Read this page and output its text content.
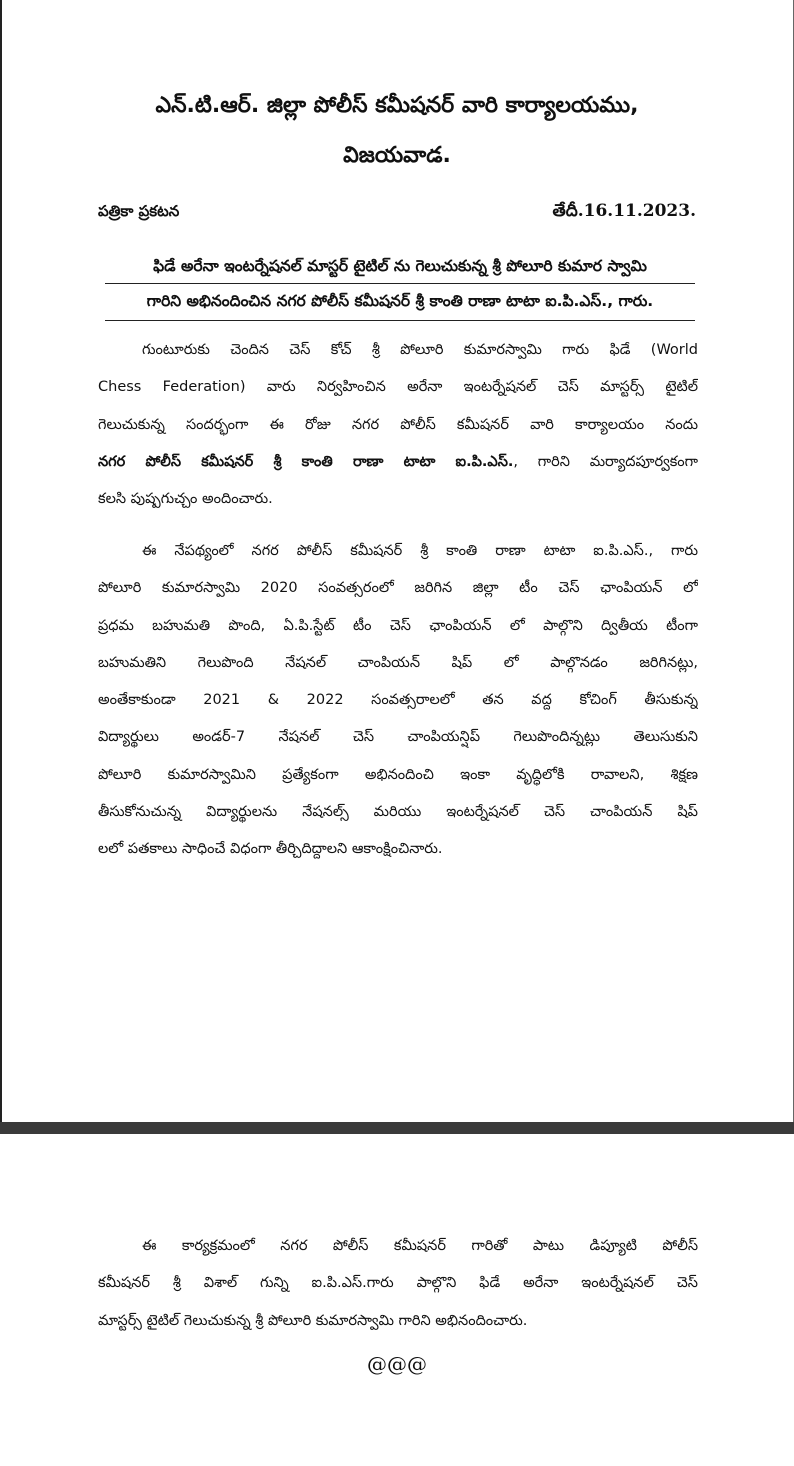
ఎన్.టి.ఆర్. జిల్లా పోలీస్ కమీషనర్ వారి కార్యాలయము,
విజయవాడ.
పత్రికా ప్రకటన	తేదీ.16.11.2023.
ఫిడే అరేనా ఇంటర్నేషనల్ మాస్టర్ టైటిల్ ను గెలుచుకున్న శ్రీ పోలూరి కుమార స్వామి
గారిని అభినందించిన నగర పోలీస్ కమీషనర్ శ్రీ కాంతి రాణా టాటా ఐ.పి.ఎస్., గారు.
గుంటూరుకు చెందిన చెస్ కోచ్ శ్రీ పోలూరి కుమారస్వామి గారు ఫిడే (World
Chess Federation) వారు నిర్వహించిన అరేనా ఇంటర్నేషనల్ చెస్ మాస్టర్స్ టైటిల్
గెలుచుకున్న సందర్భంగా ఈ రోజు నగర పోలీస్ కమీషనర్ వారి కార్యాలయం నందు
నగర పోలీస్ కమీషనర్ శ్రీ కాంతి రాణా టాటా ఐ.పి.ఎస్., గారిని మర్యాదపూర్వకంగా
కలసి పుష్పగుచ్చం అందించారు.
ఈ నేపథ్యంలో నగర పోలీస్ కమీషనర్ శ్రీ కాంతి రాణా టాటా ఐ.పి.ఎస్., గారు
పోలూరి కుమారస్వామి 2020 సంవత్సరంలో జరిగిన జిల్లా టీం చెస్ ఛాంపియన్ లో
ప్రధమ బహుమతి పొంది, ఏ.పి.స్టేట్ టీం చెస్ ఛాంపియన్ లో పాల్గొని ద్వితీయ టీంగా
బహుమతిని గెలుపొంది నేషనల్ చాంపియన్ షిప్ లో పాల్గొనడం జరిగినట్లు,
అంతేకాకుండా 2021 & 2022 సంవత్సరాలలో తన వద్ద కోచింగ్ తీసుకున్న
విద్యార్థులు అండర్-7 నేషనల్ చెస్ చాంపియన్షిప్ గెలుపొందిన్నట్లు తెలుసుకుని
పోలూరి కుమారస్వామిని ప్రత్యేకంగా అభినందించి ఇంకా వృద్ధిలోకి రావాలని, శిక్షణ
తీసుకోనుచున్న విద్యార్థులను నేషనల్స్ మరియు ఇంటర్నేషనల్ చెస్ చాంపియన్ షిప్
లలో పతకాలు సాధించే విధంగా తీర్చిదిద్దాలని ఆకాంక్షించినారు.
ఈ కార్యక్రమంలో నగర పోలీస్ కమీషనర్ గారితో పాటు డిప్యూటి పోలీస్
కమీషనర్ శ్రీ విశాల్ గున్ని ఐ.పి.ఎస్.గారు పాల్గొని ఫిడే అరేనా ఇంటర్నేషనల్ చెస్
మాస్టర్స్ టైటిల్ గెలుచుకున్న శ్రీ పోలూరి కుమారస్వామి గారిని అభినందించారు.
@@@
